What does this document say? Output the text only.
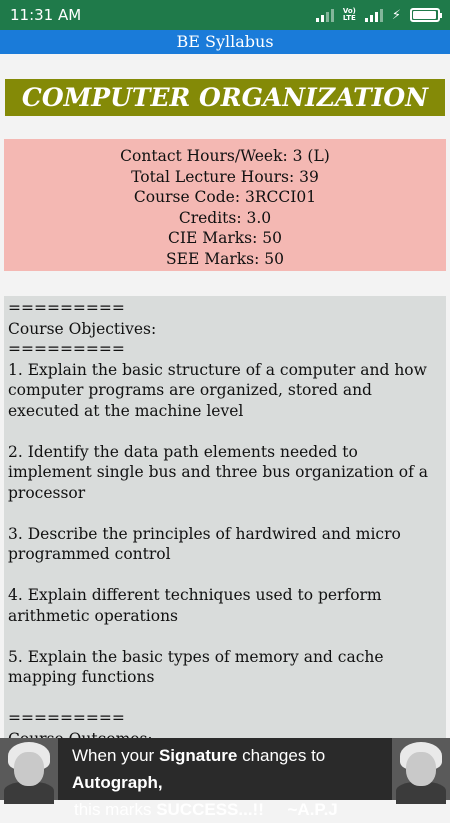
11:31 AM	Vo)
LTE	⚡
BE Syllabus
COMPUTER ORGANIZATION
Contact Hours/Week: 3 (L)
Total Lecture Hours: 39
Course Code: 3RCCI01
Credits: 3.0
CIE Marks: 50
SEE Marks: 50

=========

Course Objectives:

=========

1. Explain the basic structure of a computer and how computer programs are organized, stored and executed at the machine level

2. Identify the data path elements needed to implement single bus and three bus organization of a processor

3. Describe the principles of hardwired and micro programmed control

4. Explain different techniques used to perform arithmetic operations

5. Explain the basic types of memory and cache mapping functions

=========

When your Signature changes to Autograph,
this marks SUCCESS...!! ~A.P.J
